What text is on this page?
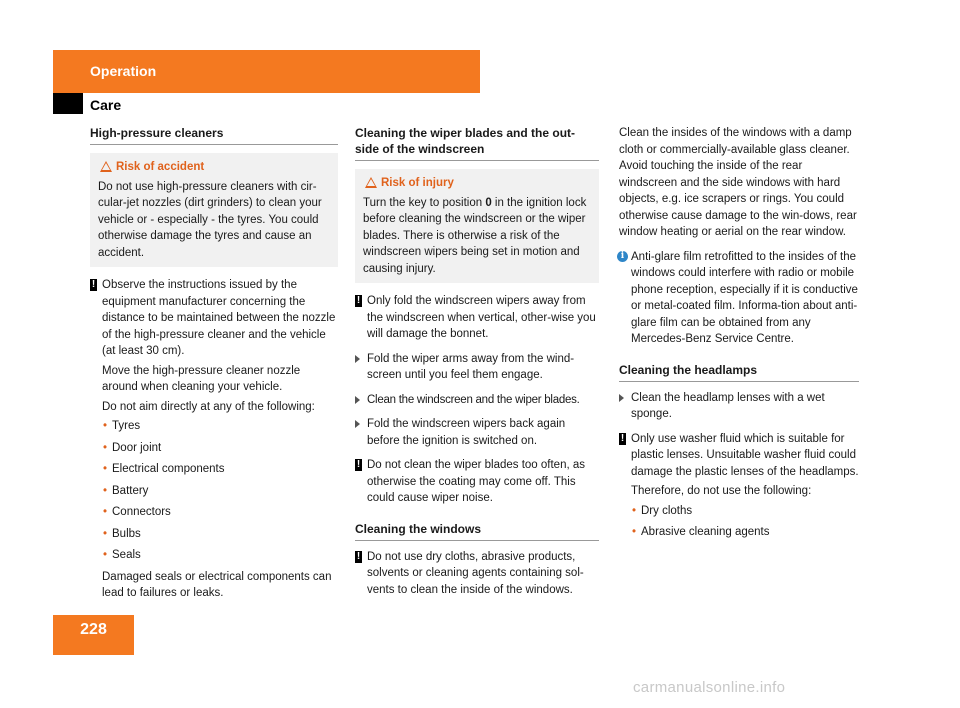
Operation
Care
High-pressure cleaners
Risk of accident
Do not use high-pressure cleaners with cir-cular-jet nozzles (dirt grinders) to clean your vehicle or - especially - the tyres. You could otherwise damage the tyres and cause an accident.
! Observe the instructions issued by the equipment manufacturer concerning the distance to be maintained between the nozzle of the high-pressure cleaner and the vehicle (at least 30 cm).
Move the high-pressure cleaner nozzle around when cleaning your vehicle.
Do not aim directly at any of the following:
• Tyres
• Door joint
• Electrical components
• Battery
• Connectors
• Bulbs
• Seals
Damaged seals or electrical components can lead to failures or leaks.
Cleaning the wiper blades and the out-side of the windscreen
Risk of injury
Turn the key to position 0 in the ignition lock before cleaning the windscreen or the wiper blades. There is otherwise a risk of the windscreen wipers being set in motion and causing injury.
! Only fold the windscreen wipers away from the windscreen when vertical, other-wise you will damage the bonnet.
Fold the wiper arms away from the wind-screen until you feel them engage.
Clean the windscreen and the wiper blades.
Fold the windscreen wipers back again before the ignition is switched on.
! Do not clean the wiper blades too often, as otherwise the coating may come off. This could cause wiper noise.
Cleaning the windows
! Do not use dry cloths, abrasive products, solvents or cleaning agents containing sol-vents to clean the inside of the windows.
Clean the insides of the windows with a damp cloth or commercially-available glass cleaner. Avoid touching the inside of the rear windscreen and the side windows with hard objects, e.g. ice scrapers or rings. You could otherwise cause damage to the win-dows, rear window heating or aerial on the rear window.
i Anti-glare film retrofitted to the insides of the windows could interfere with radio or mobile phone reception, especially if it is conductive or metal-coated film. Informa-tion about anti-glare film can be obtained from any Mercedes-Benz Service Centre.
Cleaning the headlamps
Clean the headlamp lenses with a wet sponge.
! Only use washer fluid which is suitable for plastic lenses. Unsuitable washer fluid could damage the plastic lenses of the headlamps.
Therefore, do not use the following:
• Dry cloths
• Abrasive cleaning agents
228
carmanualsonline.info
